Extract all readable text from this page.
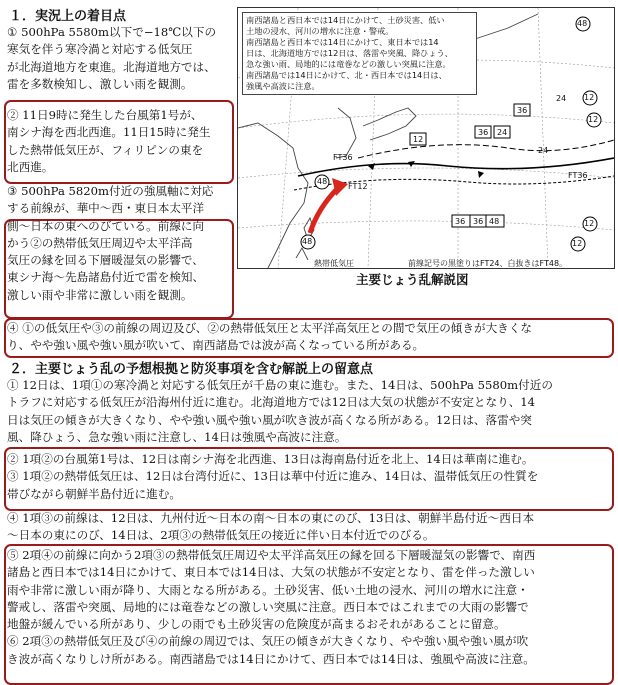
１．実況上の着目点
① 500hPa 5580m以下で−18℃以下の
寒気を伴う寒冷渦と対応する低気圧
が北海道地方を東進。北海道地方では、
雷を多数検知し、激しい雨を観測。
② 11日9時に発生した台風第1号が、
南シナ海を西北西進。11日15時に発生
した熱帯低気圧が、フィリピンの東を
北西進。
③ 500hPa 5820m付近の強風軸に対応
する前線が、華中〜西・東日本太平洋
側〜日本の東へのびている。前線に向
かう②の熱帯低気圧周辺や太平洋高
気圧の縁を回る下層暖湿気の影響で、
東シナ海〜先島諸島付近で雷を検知、
激しい雨や非常に激しい雨を観測。
南西諸島と西日本では14日にかけて、土砂災害、低い
土地の浸水、河川の増水に注意・警戒。
南西諸島と西日本では14日にかけて、東日本では14
日は、北海道地方では12日は、落雷や突風、降ひょう、
急な強い雨、局地的には竜巻などの激しい突風に注意。
南西諸島では14日にかけて、北・西日本では14日は、
強風や高波に注意。
48
48
48
12
12
12
12
12
36 24
36 36 48
36
24
24
FT36
FT12
FT36
熱帯低気圧	前線記号の黒塗りはFT24、白抜きはFT48。
主要じょう乱解説図
④ ①の低気圧や③の前線の周辺及び、②の熱帯低気圧と太平洋高気圧との間で気圧の傾きが大きくな
り、やや強い風や強い風が吹いて、南西諸島では波が高くなっている所がある。
２．主要じょう乱の予想根拠と防災事項を含む解説上の留意点
① 12日は、1項①の寒冷渦と対応する低気圧が千島の東に進む。また、14日は、500hPa 5580m付近の
トラフに対応する低気圧が沿海州付近に進む。北海道地方では12日は大気の状態が不安定となり、14
日は気圧の傾きが大きくなり、やや強い風や強い風が吹き波が高くなる所がある。12日は、落雷や突
風、降ひょう、急な強い雨に注意し、14日は強風や高波に注意。
② 1項②の台風第1号は、12日は南シナ海を北西進、13日は海南島付近を北上、14日は華南に進む。
③ 1項②の熱帯低気圧は、12日は台湾付近に、13日は華中付近に進み、14日は、温帯低気圧の性質を
帯びながら朝鮮半島付近に進む。
④ 1項③の前線は、12日は、九州付近〜日本の南〜日本の東にのび、13日は、朝鮮半島付近〜西日本
〜日本の東にのび、14日は、2項③の熱帯低気圧の接近に伴い日本付近でのびる。
⑤ 2項④の前線に向かう2項③の熱帯低気圧周辺や太平洋高気圧の縁を回る下層暖湿気の影響で、南西
諸島と西日本では14日にかけて、東日本では14日は、大気の状態が不安定となり、雷を伴った激しい
雨や非常に激しい雨が降り、大雨となる所がある。土砂災害、低い土地の浸水、河川の増水に注意・
警戒し、落雷や突風、局地的には竜巻などの激しい突風に注意。西日本ではこれまでの大雨の影響で
地盤が緩んでいる所があり、少しの雨でも土砂災害の危険度が高まるおそれがあることに留意。
⑥ 2項③の熱帯低気圧及び④の前線の周辺では、気圧の傾きが大きくなり、やや強い風や強い風が吹
き波が高くなりしけ所がある。南西諸島では14日にかけて、西日本では14日は、強風や高波に注意。
